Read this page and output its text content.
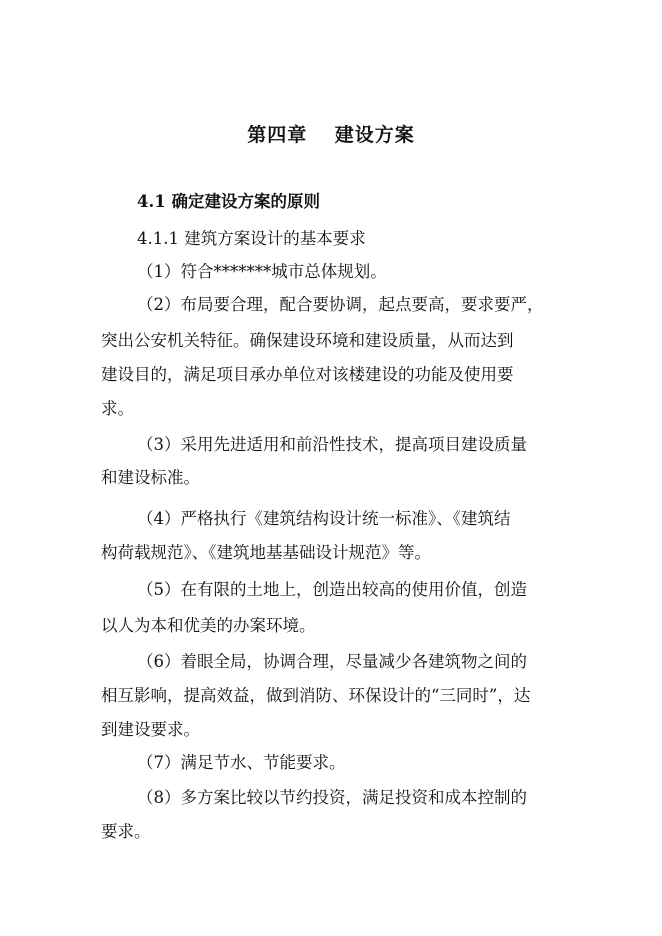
第四章　 建设方案
4.1 确定建设方案的原则
4.1.1 建筑方案设计的基本要求
（1）符合*******城市总体规划。
（2）布局要合理，配合要协调，起点要高，要求要严，
突出公安机关特征。确保建设环境和建设质量，从而达到
建设目的，满足项目承办单位对该楼建设的功能及使用要
求。
（3）采用先进适用和前沿性技术，提高项目建设质量
和建设标准。
（4）严格执行《建筑结构设计统一标准》、《建筑结
构荷载规范》、《建筑地基基础设计规范》等。
（5）在有限的土地上，创造出较高的使用价值，创造
以人为本和优美的办案环境。
（6）着眼全局，协调合理，尽量减少各建筑物之间的
相互影响，提高效益，做到消防、环保设计的“三同时”，达
到建设要求。
（7）满足节水、节能要求。
（8）多方案比较以节约投资，满足投资和成本控制的
要求。
